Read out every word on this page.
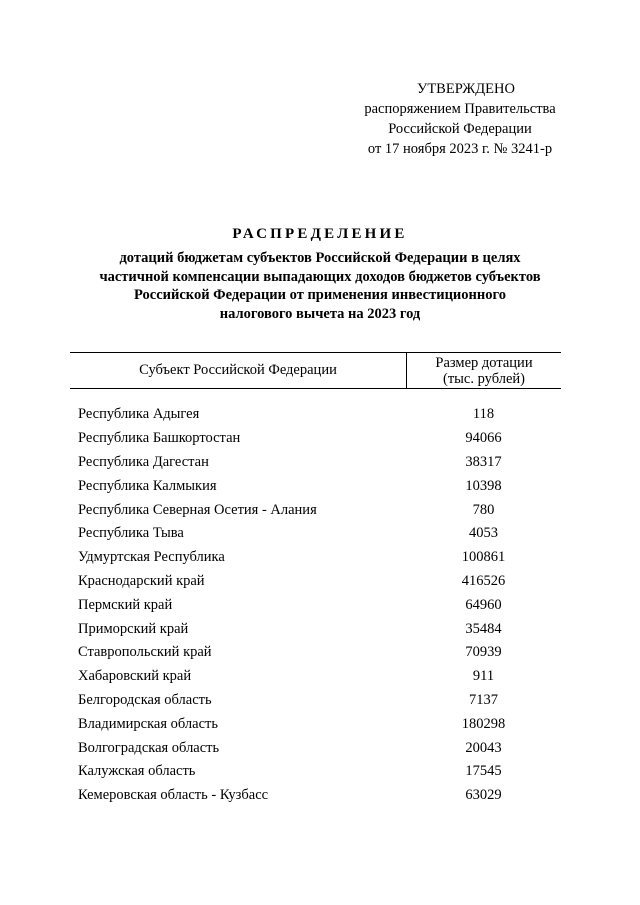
УТВЕРЖДЕНО
распоряжением Правительства
Российской Федерации
от 17 ноября 2023 г. № 3241-р
РАСПРЕДЕЛЕНИЕ
дотаций бюджетам субъектов Российской Федерации в целях
частичной компенсации выпадающих доходов бюджетов субъектов
Российской Федерации от применения инвестиционного
налогового вычета на 2023 год
Субъект Российской Федерации	Размер дотации
(тыс. рублей)
Республика Адыгея	118
Республика Башкортостан	94066
Республика Дагестан	38317
Республика Калмыкия	10398
Республика Северная Осетия - Алания	780
Республика Тыва	4053
Удмуртская Республика	100861
Краснодарский край	416526
Пермский край	64960
Приморский край	35484
Ставропольский край	70939
Хабаровский край	911
Белгородская область	7137
Владимирская область	180298
Волгоградская область	20043
Калужская область	17545
Кемеровская область - Кузбасс	63029
